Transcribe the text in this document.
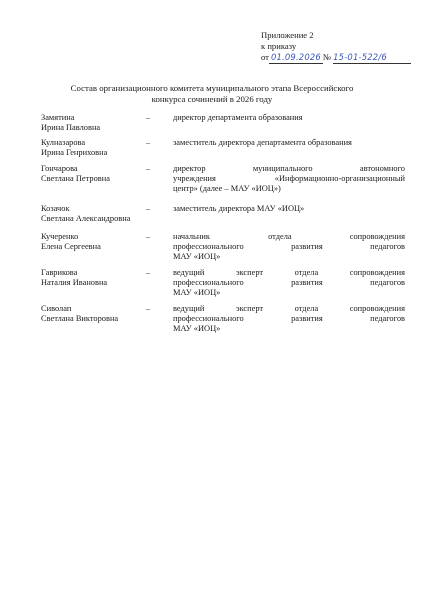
Приложение 2
к приказу
от 01.09.2026 № 15-01-522/6
Состав организационного комитета муниципального этапа Всероссийского
конкурса сочинений в 2026 году
Замятина
Ирина Павловна
–	директор департамента образования
Кулназарова
Ирина Генриховна
–	заместитель директора департамента образования
Гончарова
Светлана Петровна
–	директор муниципального автономного
учреждения «Информационно-организационный
центр» (далее – МАУ «ИОЦ»)
Козачок
Светлана Александровна
–	заместитель директора МАУ «ИОЦ»
Кучеренко
Елена Сергеевна
–	начальник отдела сопровождения
профессионального развития педагогов
МАУ «ИОЦ»
Гаврикова
Наталия Ивановна
–	ведущий эксперт отдела сопровождения
профессионального развития педагогов
МАУ «ИОЦ»
Сиволап
Светлана Викторовна
–	ведущий эксперт отдела сопровождения
профессионального развития педагогов
МАУ «ИОЦ»
